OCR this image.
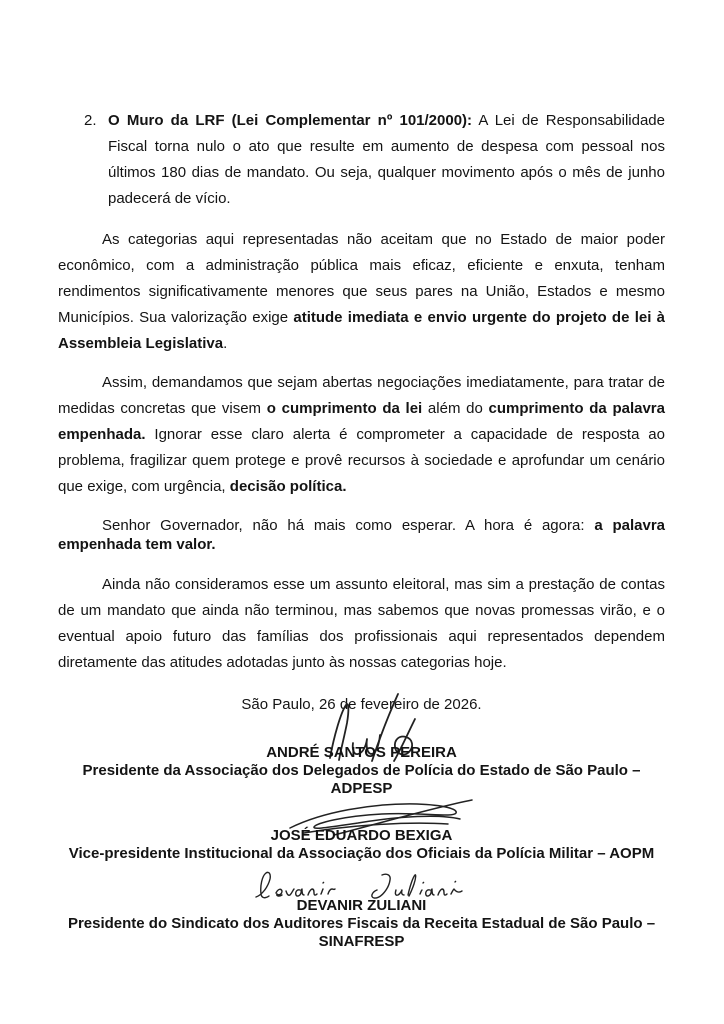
2. O Muro da LRF (Lei Complementar nº 101/2000): A Lei de Responsabilidade Fiscal torna nulo o ato que resulte em aumento de despesa com pessoal nos últimos 180 dias de mandato. Ou seja, qualquer movimento após o mês de junho padecerá de vício.

As categorias aqui representadas não aceitam que no Estado de maior poder econômico, com a administração pública mais eficaz, eficiente e enxuta, tenham rendimentos significativamente menores que seus pares na União, Estados e mesmo Municípios. Sua valorização exige atitude imediata e envio urgente do projeto de lei à Assembleia Legislativa.

Assim, demandamos que sejam abertas negociações imediatamente, para tratar de medidas concretas que visem o cumprimento da lei além do cumprimento da palavra empenhada. Ignorar esse claro alerta é comprometer a capacidade de resposta ao problema, fragilizar quem protege e provê recursos à sociedade e aprofundar um cenário que exige, com urgência, decisão política.

Senhor Governador, não há mais como esperar. A hora é agora: a palavra empenhada tem valor.

Ainda não consideramos esse um assunto eleitoral, mas sim a prestação de contas de um mandato que ainda não terminou, mas sabemos que novas promessas virão, e o eventual apoio futuro das famílias dos profissionais aqui representados dependem diretamente das atitudes adotadas junto às nossas categorias hoje.

São Paulo, 26 de fevereiro de 2026.

ANDRÉ SANTOS PEREIRA
Presidente da Associação dos Delegados de Polícia do Estado de São Paulo –
ADPESP
JOSÉ EDUARDO BEXIGA
Vice-presidente Institucional da Associação dos Oficiais da Polícia Militar – AOPM
DEVANIR ZULIANI
Presidente do Sindicato dos Auditores Fiscais da Receita Estadual de São Paulo –
SINAFRESP
